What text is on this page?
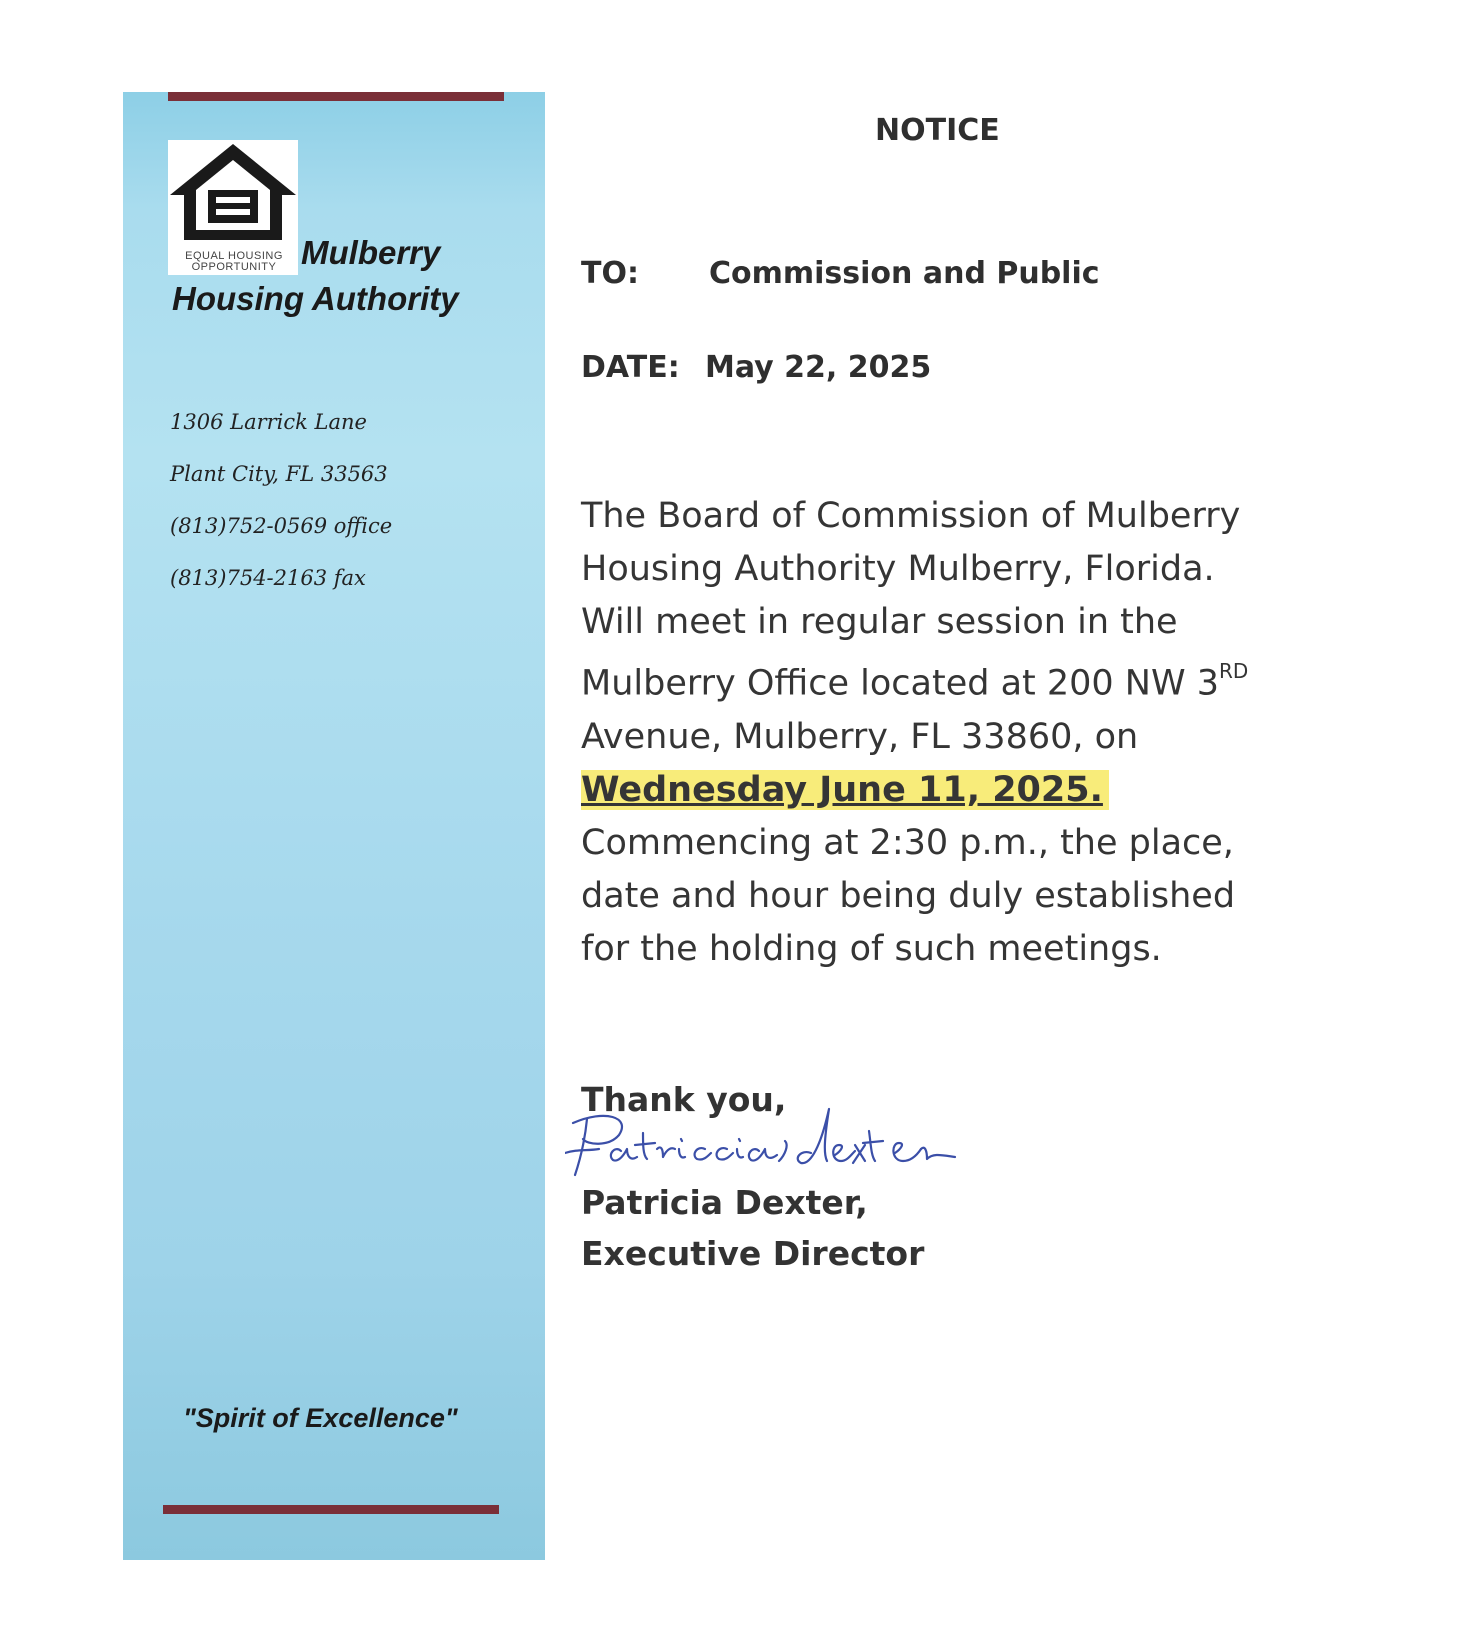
EQUAL HOUSING
OPPORTUNITY Mulberry
Housing Authority
1306 Larrick Lane
Plant City, FL 33563
(813)752-0569 office
(813)754-2163 fax
"Spirit of Excellence"
NOTICE
TO: Commission and Public
DATE: May 22, 2025
The Board of Commission of Mulberry
Housing Authority Mulberry, Florida.
Will meet in regular session in the
Mulberry Office located at 200 NW 3RD
Avenue, Mulberry, FL 33860, on
Wednesday June 11, 2025.
Commencing at 2:30 p.m., the place,
date and hour being duly established
for the holding of such meetings.
Thank you,
Patricia Dexter,
Executive Director
